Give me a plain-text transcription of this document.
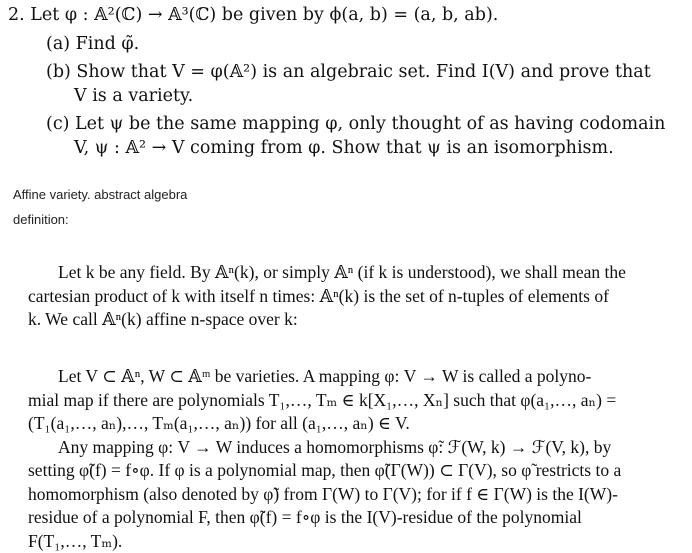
2. Let φ : 𝔸²(ℂ) → 𝔸³(ℂ) be given by ϕ(a, b) = (a, b, ab).

(a) Find φ̃.
(b) Show that V = φ(𝔸²) is an algebraic set. Find I(V) and prove that
V is a variety.
(c) Let ψ be the same mapping φ, only thought of as having codomain
V, ψ : 𝔸² → V coming from φ. Show that ψ is an isomorphism.
Affine variety. abstract algebra
definition:
Let k be any field. By 𝔸ⁿ(k), or simply 𝔸ⁿ (if k is understood), we shall mean the
cartesian product of k with itself n times: 𝔸ⁿ(k) is the set of n-tuples of elements of
k. We call 𝔸ⁿ(k) affine n-space over k:
Let V ⊂ 𝔸ⁿ, W ⊂ 𝔸ᵐ be varieties. A mapping φ: V → W is called a polyno-
mial map if there are polynomials T₁,…, Tₘ ∈ k[X₁,…, Xₙ] such that φ(a₁,…, aₙ) =
(T₁(a₁,…, aₙ),…, Tₘ(a₁,…, aₙ)) for all (a₁,…, aₙ) ∈ V.
Any mapping φ: V → W induces a homomorphisms φ̃: ℱ(W, k) → ℱ(V, k), by
setting φ̃(f) = f∘φ. If φ is a polynomial map, then φ̃(Γ(W)) ⊂ Γ(V), so φ̃ restricts to a
homomorphism (also denoted by φ̃) from Γ(W) to Γ(V); for if f ∈ Γ(W) is the I(W)-
residue of a polynomial F, then φ̃(f) = f∘φ is the I(V)-residue of the polynomial
F(T₁,…, Tₘ).
